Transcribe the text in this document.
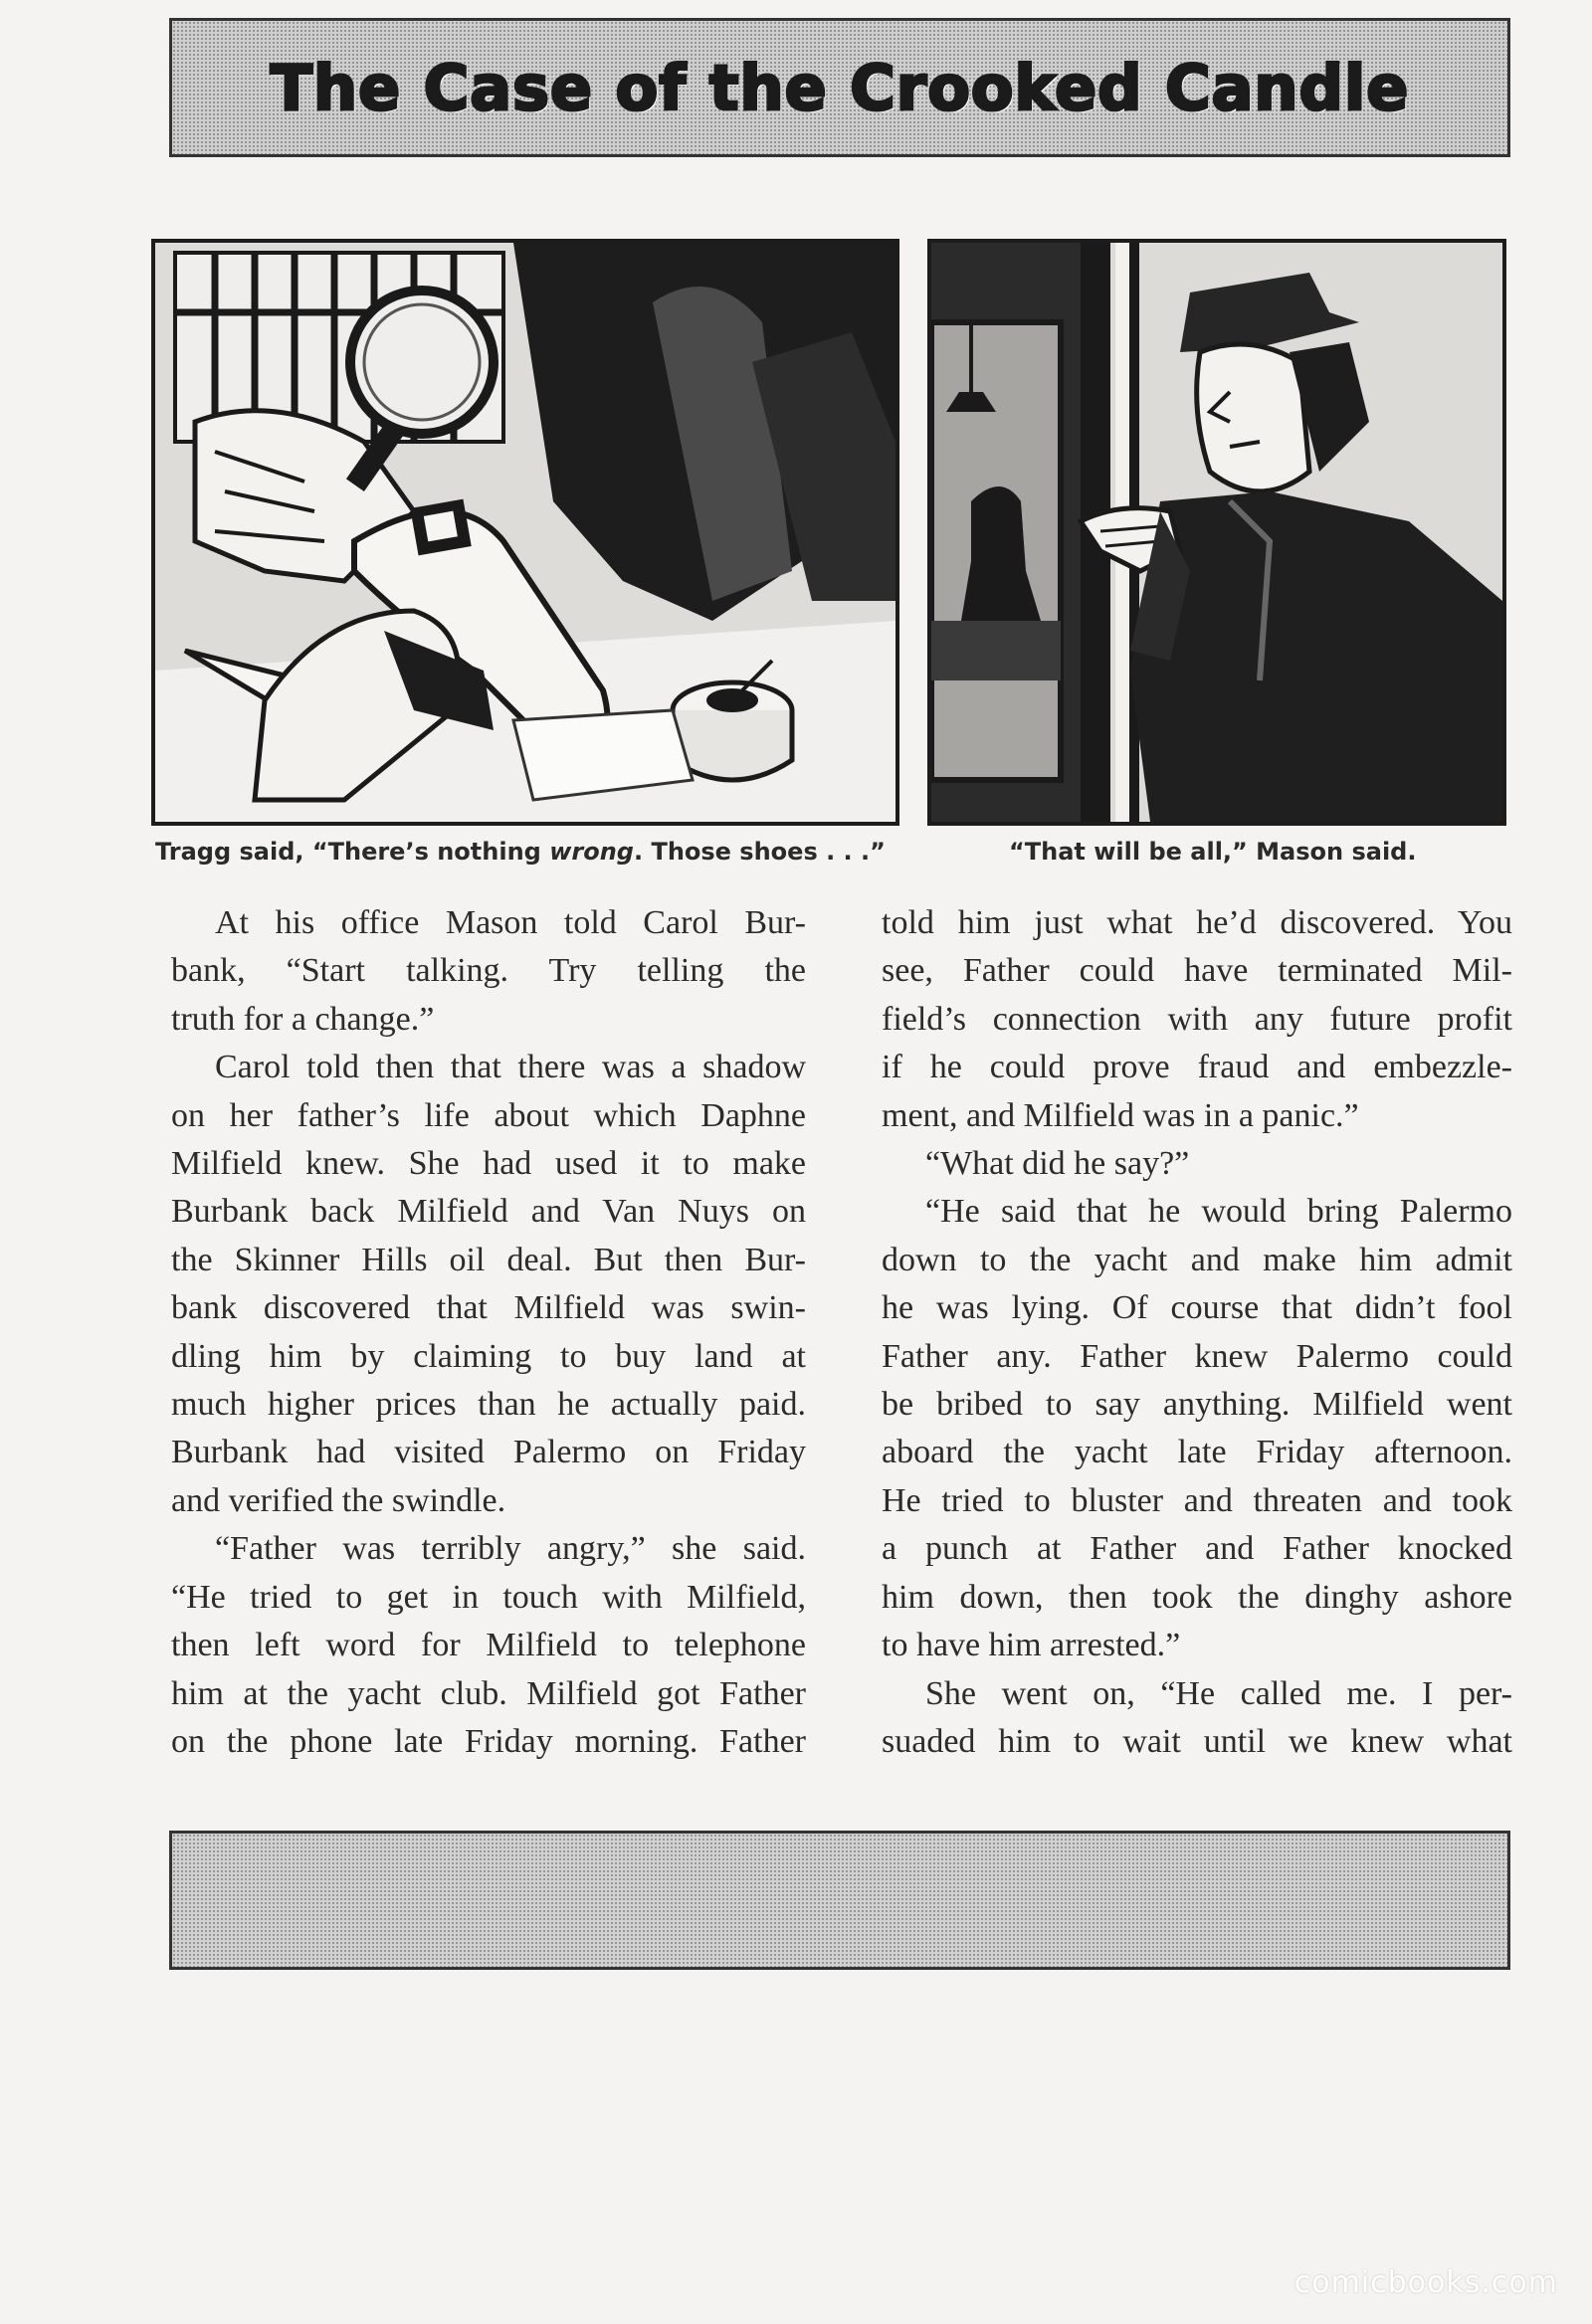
The Case of the Crooked Candle
Tragg said, “There’s nothing wrong. Those shoes . . .”	“That will be all,” Mason said.
At his office Mason told Carol Bur-
bank, “Start talking. Try telling the
truth for a change.”
Carol told then that there was a shadow
on her father’s life about which Daphne
Milfield knew. She had used it to make
Burbank back Milfield and Van Nuys on
the Skinner Hills oil deal. But then Bur-
bank discovered that Milfield was swin-
dling him by claiming to buy land at
much higher prices than he actually paid.
Burbank had visited Palermo on Friday
and verified the swindle.
“Father was terribly angry,” she said.
“He tried to get in touch with Milfield,
then left word for Milfield to telephone
him at the yacht club. Milfield got Father
on the phone late Friday morning. Father
told him just what he’d discovered. You
see, Father could have terminated Mil-
field’s connection with any future profit
if he could prove fraud and embezzle-
ment, and Milfield was in a panic.”
“What did he say?”
“He said that he would bring Palermo
down to the yacht and make him admit
he was lying. Of course that didn’t fool
Father any. Father knew Palermo could
be bribed to say anything. Milfield went
aboard the yacht late Friday afternoon.
He tried to bluster and threaten and took
a punch at Father and Father knocked
him down, then took the dinghy ashore
to have him arrested.”
She went on, “He called me. I per-
suaded him to wait until we knew what
comicbooks.com
